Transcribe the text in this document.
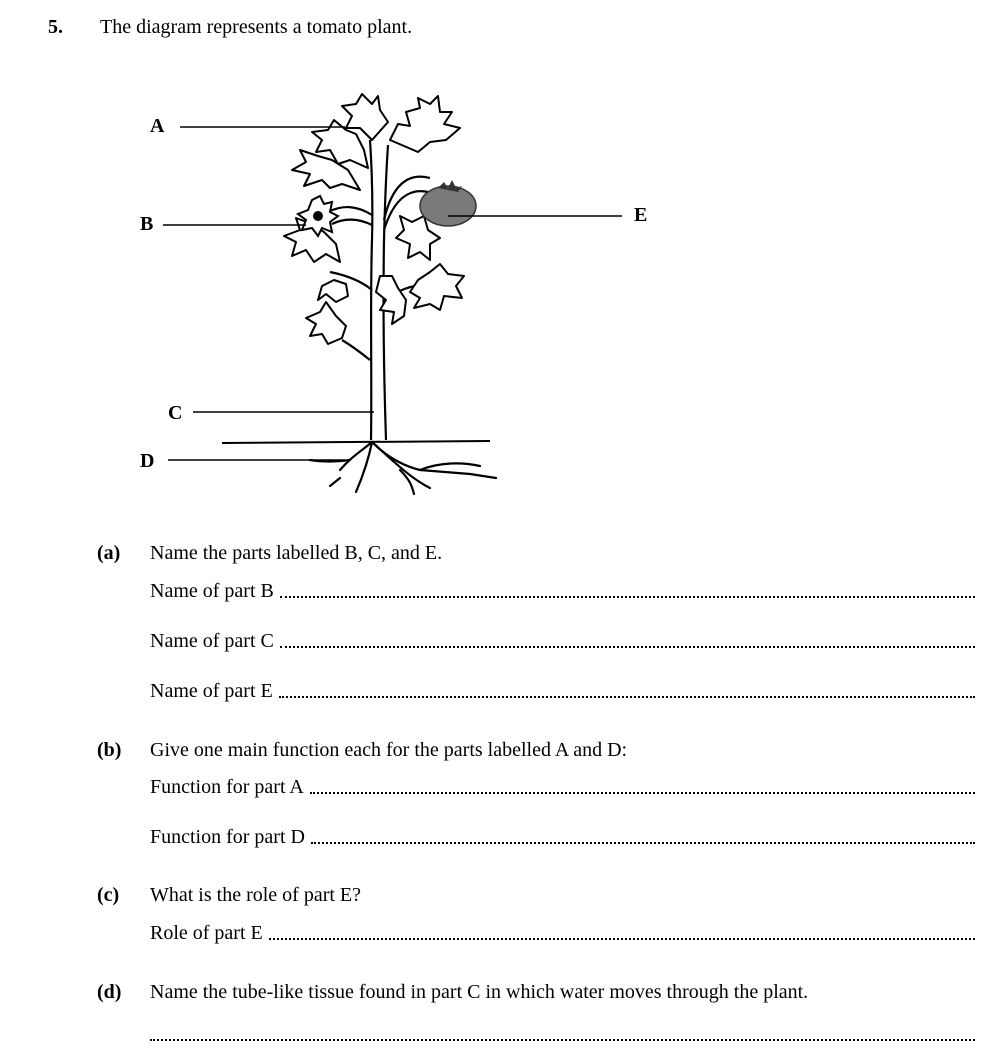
5. The diagram represents a tomato plant.
A
B
C
D
E
(a) Name the parts labelled B, C, and E.
Name of part B
Name of part C
Name of part E
(b) Give one main function each for the parts labelled A and D:
Function for part A
Function for part D
(c) What is the role of part E?
Role of part E
(d) Name the tube-like tissue found in part C in which water moves through the plant.
